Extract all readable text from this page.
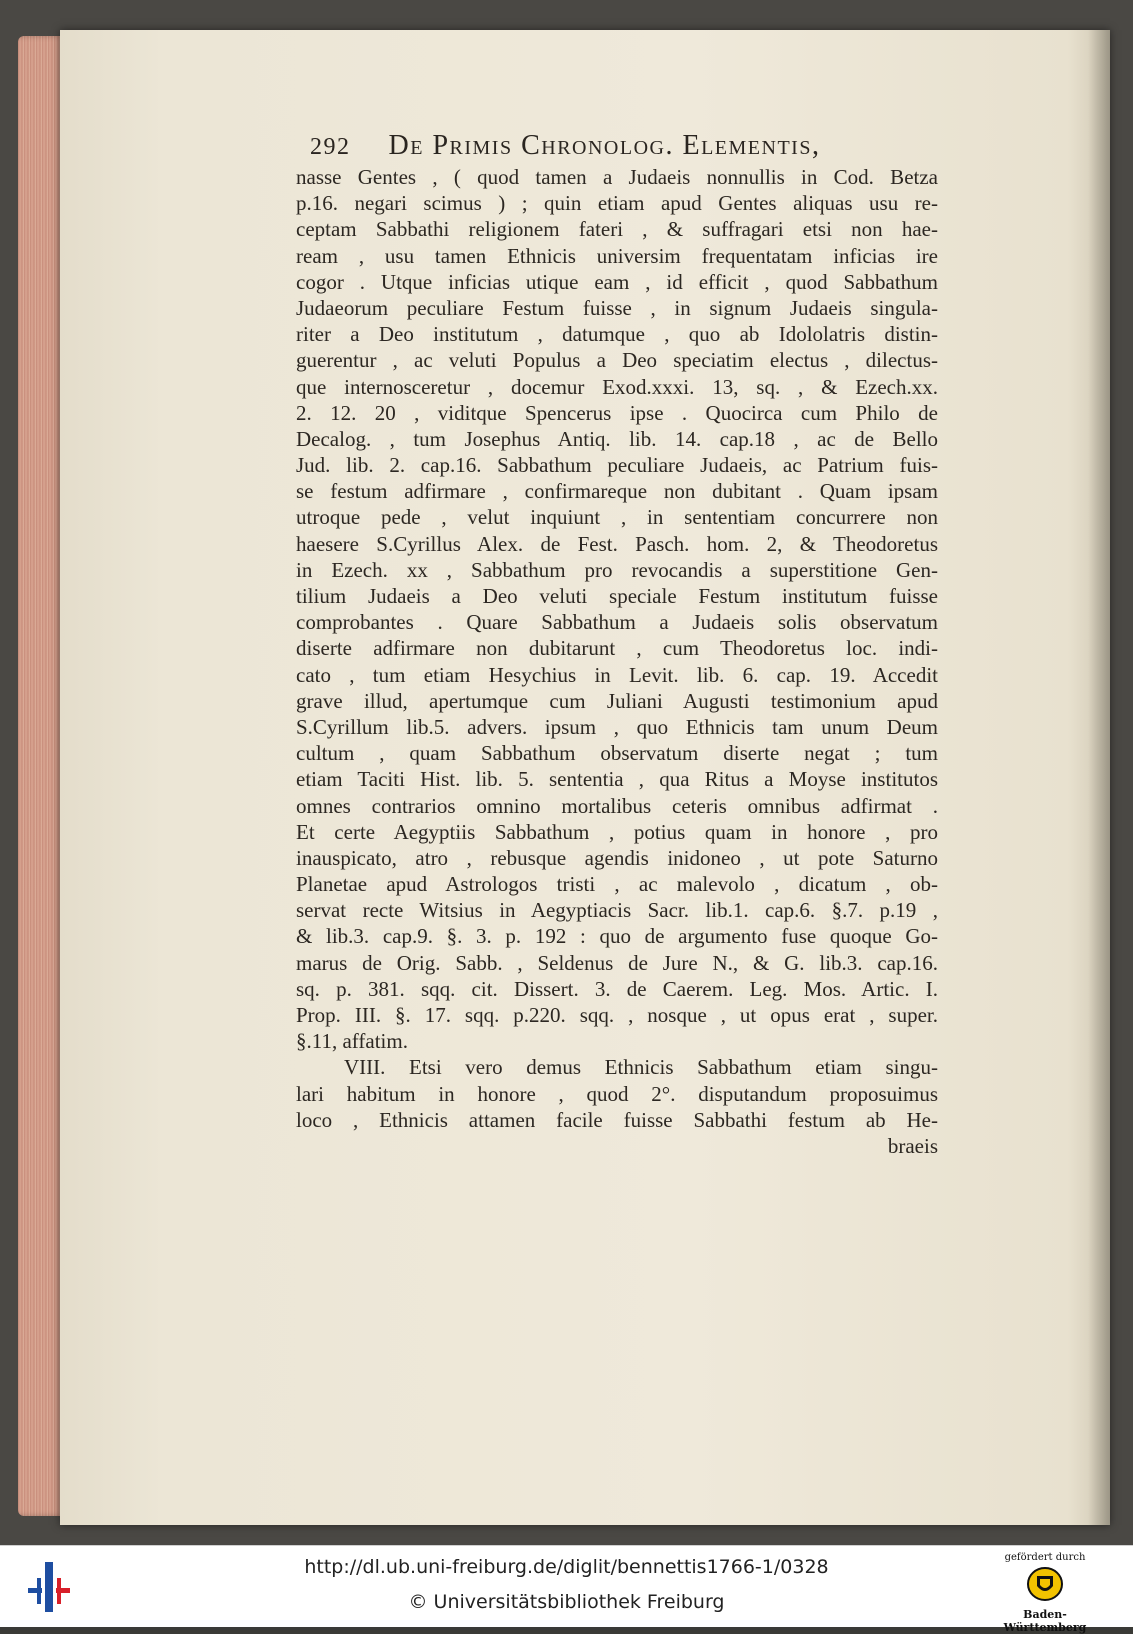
292 De Primis Chronolog. Elementis,
nasse Gentes , ( quod tamen a Judaeis nonnullis in Cod. Betza
p.16. negari scimus ) ; quin etiam apud Gentes aliquas usu re-
ceptam Sabbathi religionem fateri , & suffragari etsi non hae-
ream , usu tamen Ethnicis universim frequentatam inficias ire
cogor . Utque inficias utique eam , id efficit , quod Sabbathum
Judaeorum peculiare Festum fuisse , in signum Judaeis singula-
riter a Deo institutum , datumque , quo ab Idololatris distin-
guerentur , ac veluti Populus a Deo speciatim electus , dilectus-
que internosceretur , docemur Exod.xxxi. 13, sq. , & Ezech.xx.
2. 12. 20 , viditque Spencerus ipse . Quocirca cum Philo de
Decalog. , tum Josephus Antiq. lib. 14. cap.18 , ac de Bello
Jud. lib. 2. cap.16. Sabbathum peculiare Judaeis, ac Patrium fuis-
se festum adfirmare , confirmareque non dubitant . Quam ipsam
utroque pede , velut inquiunt , in sententiam concurrere non
haesere S.Cyrillus Alex. de Fest. Pasch. hom. 2, & Theodoretus
in Ezech. xx , Sabbathum pro revocandis a superstitione Gen-
tilium Judaeis a Deo veluti speciale Festum institutum fuisse
comprobantes . Quare Sabbathum a Judaeis solis observatum
diserte adfirmare non dubitarunt , cum Theodoretus loc. indi-
cato , tum etiam Hesychius in Levit. lib. 6. cap. 19. Accedit
grave illud, apertumque cum Juliani Augusti testimonium apud
S.Cyrillum lib.5. advers. ipsum , quo Ethnicis tam unum Deum
cultum , quam Sabbathum observatum diserte negat ; tum
etiam Taciti Hist. lib. 5. sententia , qua Ritus a Moyse institutos
omnes contrarios omnino mortalibus ceteris omnibus adfirmat .
Et certe Aegyptiis Sabbathum , potius quam in honore , pro
inauspicato, atro , rebusque agendis inidoneo , ut pote Saturno
Planetae apud Astrologos tristi , ac malevolo , dicatum , ob-
servat recte Witsius in Aegyptiacis Sacr. lib.1. cap.6. §.7. p.19 ,
& lib.3. cap.9. §. 3. p. 192 : quo de argumento fuse quoque Go-
marus de Orig. Sabb. , Seldenus de Jure N., & G. lib.3. cap.16.
sq. p. 381. sqq. cit. Dissert. 3. de Caerem. Leg. Mos. Artic. I.
Prop. III. §. 17. sqq. p.220. sqq. , nosque , ut opus erat , super.
§.11, affatim.
VIII. Etsi vero demus Ethnicis Sabbathum etiam singu-
lari habitum in honore , quod 2°. disputandum proposuimus
loco , Ethnicis attamen facile fuisse Sabbathi festum ab He-
braeis
http://dl.ub.uni-freiburg.de/diglit/bennettis1766-1/0328
© Universitätsbibliothek Freiburg
gefördert durch
Baden-Württemberg
